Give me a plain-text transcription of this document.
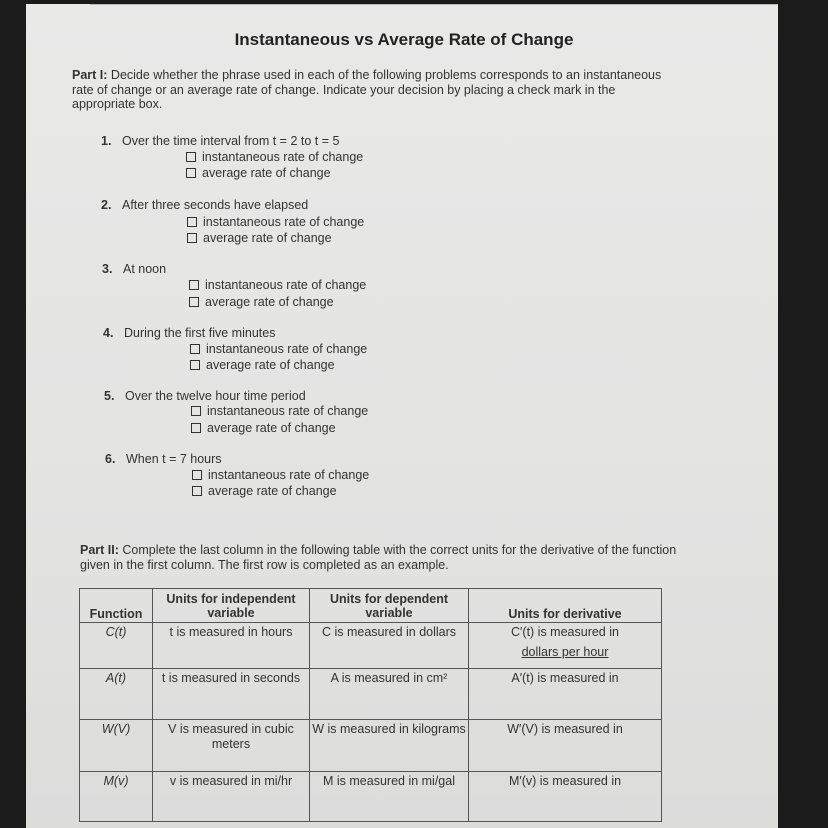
Instantaneous vs Average Rate of Change
Part I: Decide whether the phrase used in each of the following problems corresponds to an instantaneous rate of change or an average rate of change. Indicate your decision by placing a check mark in the appropriate box.
1. Over the time interval from t = 2 to t = 5
instantaneous rate of change
average rate of change
2. After three seconds have elapsed
instantaneous rate of change
average rate of change
3. At noon
instantaneous rate of change
average rate of change
4. During the first five minutes
instantaneous rate of change
average rate of change
5. Over the twelve hour time period
instantaneous rate of change
average rate of change
6. When t = 7 hours
instantaneous rate of change
average rate of change
Part II: Complete the last column in the following table with the correct units for the derivative of the function given in the first column. The first row is completed as an example.
Function	Units for independent variable	Units for dependent variable	Units for derivative
C(t)	t is measured in hours	C is measured in dollars	C′(t) is measured in
dollars per hour

A(t)	t is measured in seconds	A is measured in cm²	A′(t) is measured in

W(V)	V is measured in cubic meters	W is measured in kilograms	W′(V) is measured in

M(v)	v is measured in mi/hr	M is measured in mi/gal	M′(v) is measured in
